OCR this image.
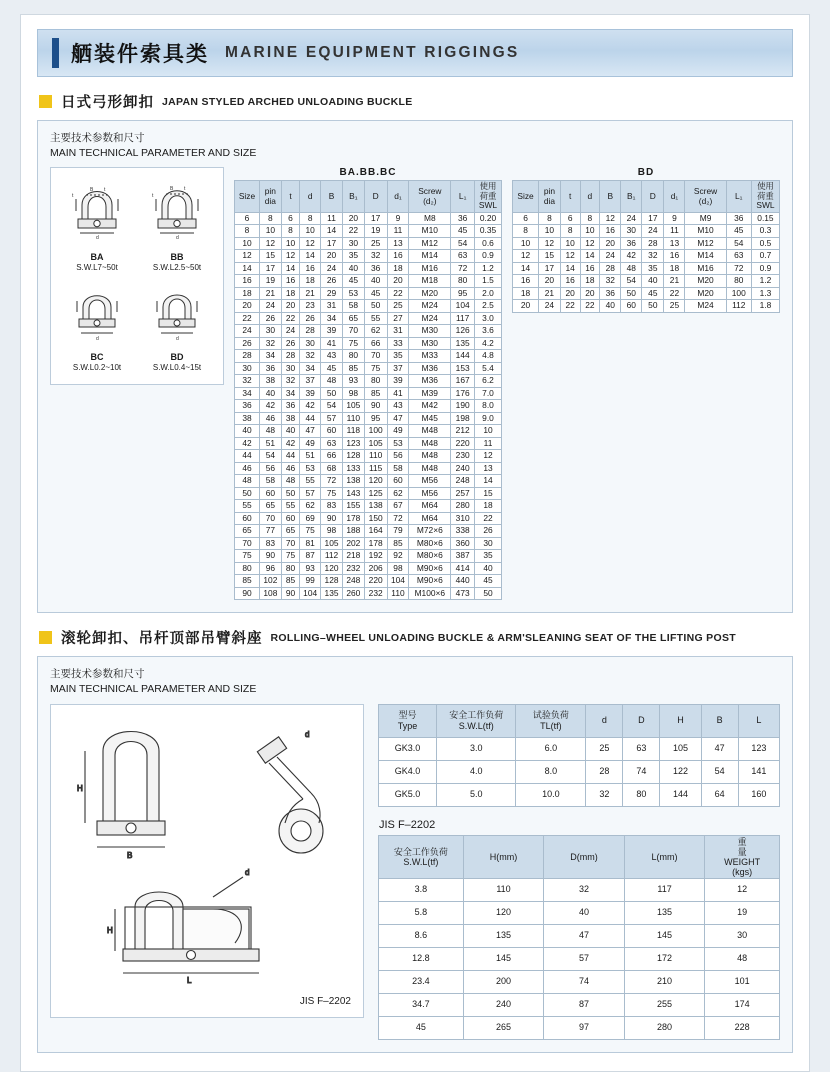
舾装件索具类 MARINE EQUIPMENT RIGGINGS
日式弓形卸扣 JAPAN STYLED ARCHED UNLOADING BUCKLE
主要技术参数和尺寸
MAIN TECHNICAL PARAMETER AND SIZE
t
B t
d
BA
S.W.L7~50t
t
B t
d
BB
S.W.L2.5~50t
d
BC
S.W.L0.2~10t
d
BD
S.W.L0.4~15t
BA.BB.BC
Size	pin
dia	t	d	B	B₁	D	d₁	Screw
(d₂)	L₁	使用
荷重
SWL

6	8	6	8	11	20	17	9	M8	36	0.20
8	10	8	10	14	22	19	11	M10	45	0.35
10	12	10	12	17	30	25	13	M12	54	0.6
12	15	12	14	20	35	32	16	M14	63	0.9
14	17	14	16	24	40	36	18	M16	72	1.2
16	19	16	18	26	45	40	20	M18	80	1.5
18	21	18	21	29	53	45	22	M20	95	2.0
20	24	20	23	31	58	50	25	M24	104	2.5
22	26	22	26	34	65	55	27	M24	117	3.0
24	30	24	28	39	70	62	31	M30	126	3.6
26	32	26	30	41	75	66	33	M30	135	4.2
28	34	28	32	43	80	70	35	M33	144	4.8
30	36	30	34	45	85	75	37	M36	153	5.4
32	38	32	37	48	93	80	39	M36	167	6.2
34	40	34	39	50	98	85	41	M39	176	7.0
36	42	36	42	54	105	90	43	M42	190	8.0
38	46	38	44	57	110	95	47	M45	198	9.0
40	48	40	47	60	118	100	49	M48	212	10
42	51	42	49	63	123	105	53	M48	220	11
44	54	44	51	66	128	110	56	M48	230	12
46	56	46	53	68	133	115	58	M48	240	13
48	58	48	55	72	138	120	60	M56	248	14
50	60	50	57	75	143	125	62	M56	257	15
55	65	55	62	83	155	138	67	M64	280	18
60	70	60	69	90	178	150	72	M64	310	22
65	77	65	75	98	188	164	79	M72×6	338	26
70	83	70	81	105	202	178	85	M80×6	360	30
75	90	75	87	112	218	192	92	M80×6	387	35
80	96	80	93	120	232	206	98	M90×6	414	40
85	102	85	99	128	248	220	104	M90×6	440	45
90	108	90	104	135	260	232	110	M100×6	473	50
BD
Size	pin
dia	t	d	B	B₁	D	d₁	Screw
(d₂)	L₁	使用
荷重
SWL

6	8	6	8	12	24	17	9	M9	36	0.15
8	10	8	10	16	30	24	11	M10	45	0.3
10	12	10	12	20	36	28	13	M12	54	0.5
12	15	12	14	24	42	32	16	M14	63	0.7
14	17	14	16	28	48	35	18	M16	72	0.9
16	20	16	18	32	54	40	21	M20	80	1.2
18	21	20	20	36	50	45	22	M20	100	1.3
20	24	22	22	40	60	50	25	M24	112	1.8
滚轮卸扣、吊杆顶部吊臂斜座 ROLLING–WHEEL UNLOADING BUCKLE & ARM'SLEANING SEAT OF THE LIFTING POST
主要技术参数和尺寸
MAIN TECHNICAL PARAMETER AND SIZE
H
B
d
H
L
d
JIS F–2202
型号
Type	安全工作负荷
S.W.L(tf)	试验负荷
TL(tf)	d	D	H	B	L

GK3.0	3.0	6.0	25	63	105	47	123
GK4.0	4.0	8.0	28	74	122	54	141
GK5.0	5.0	10.0	32	80	144	64	160
JIS F–2202
安全工作负荷
S.W.L(tf)	H(mm)	D(mm)	L(mm)	重
量
WEIGHT
(kgs)

3.8	110	32	117	12
5.8	120	40	135	19
8.6	135	47	145	30
12.8	145	57	172	48
23.4	200	74	210	101
34.7	240	87	255	174
45	265	97	280	228
